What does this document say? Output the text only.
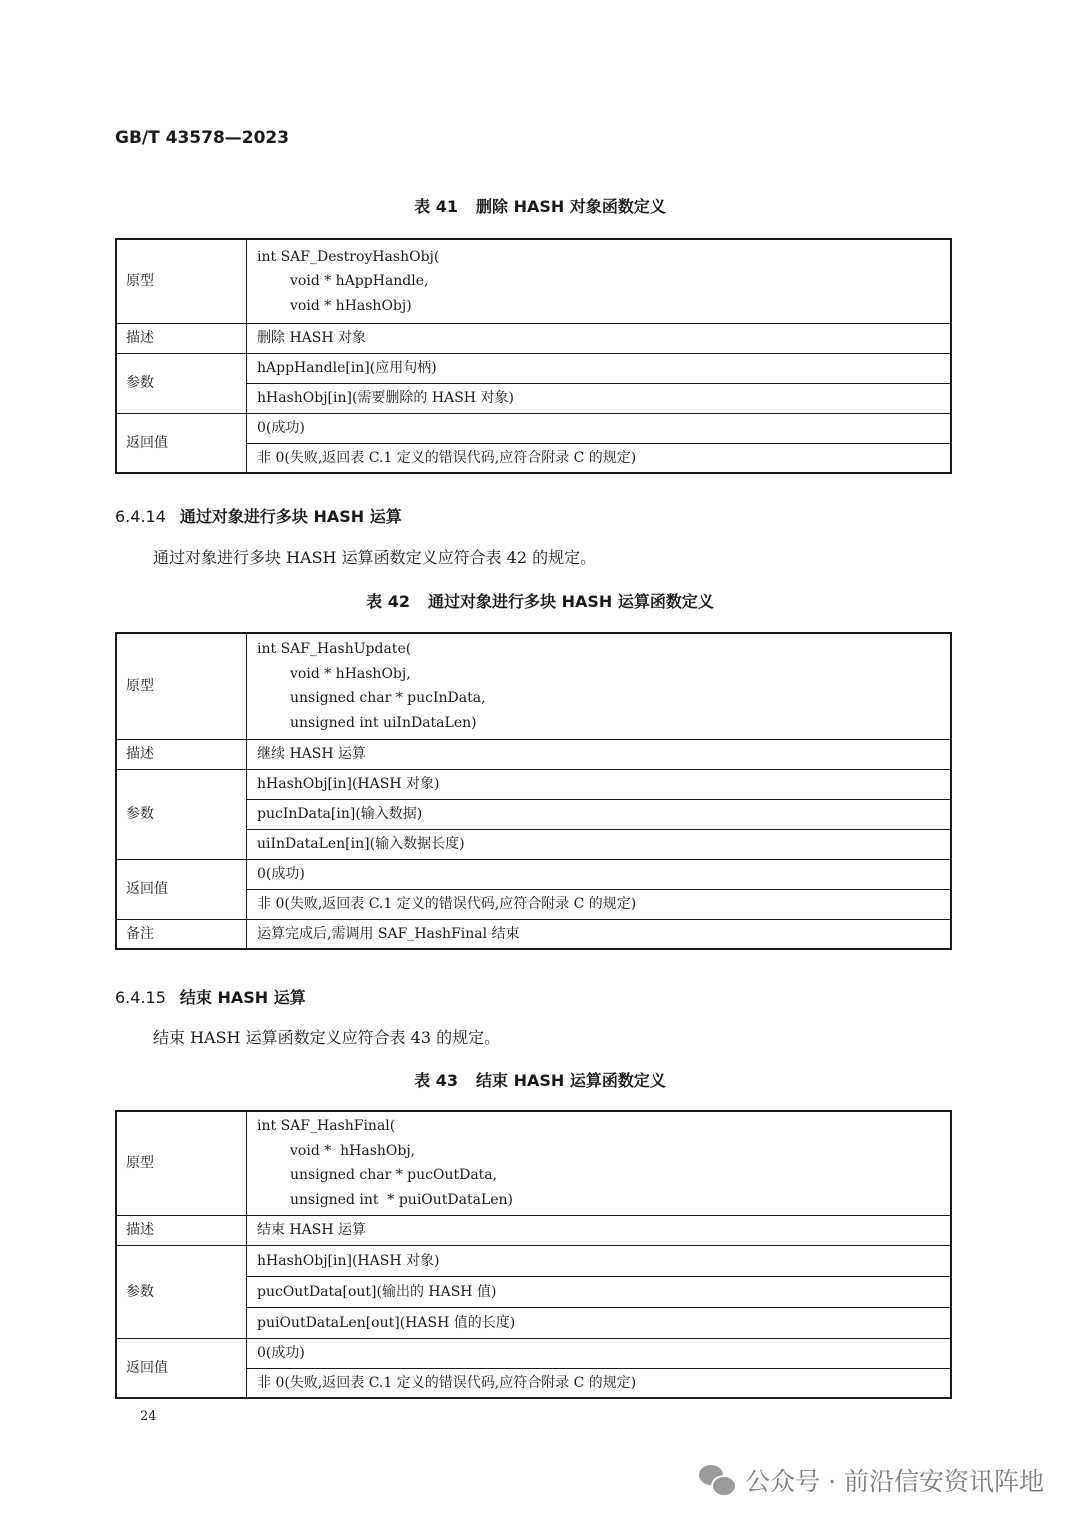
GB/T 43578—2023
表 41 删除 HASH 对象函数定义
原型	int SAF_DestroyHashObj(
void * hAppHandle,
void * hHashObj)

描述	删除 HASH 对象
参数	hAppHandle[in](应用句柄)
	hHashObj[in](需要删除的 HASH 对象)
返回值	0(成功)
	非 0(失败,返回表 C.1 定义的错误代码,应符合附录 C 的规定)
6.4.14 通过对象进行多块 HASH 运算
通过对象进行多块 HASH 运算函数定义应符合表 42 的规定。
表 42 通过对象进行多块 HASH 运算函数定义
原型	int SAF_HashUpdate(
void * hHashObj,
unsigned char * pucInData,
unsigned int uiInDataLen)

描述	继续 HASH 运算
参数	hHashObj[in](HASH 对象)
	pucInData[in](输入数据)
	uiInDataLen[in](输入数据长度)
返回值	0(成功)
	非 0(失败,返回表 C.1 定义的错误代码,应符合附录 C 的规定)
备注	运算完成后,需调用 SAF_HashFinal 结束
6.4.15 结束 HASH 运算
结束 HASH 运算函数定义应符合表 43 的规定。
表 43 结束 HASH 运算函数定义
原型	int SAF_HashFinal(
void *  hHashObj,
unsigned char * pucOutData,
unsigned int  * puiOutDataLen)

描述	结束 HASH 运算
参数	hHashObj[in](HASH 对象)
	pucOutData[out](输出的 HASH 值)
	puiOutDataLen[out](HASH 值的长度)
返回值	0(成功)
	非 0(失败,返回表 C.1 定义的错误代码,应符合附录 C 的规定)
24
公众号 · 前沿信安资讯阵地
